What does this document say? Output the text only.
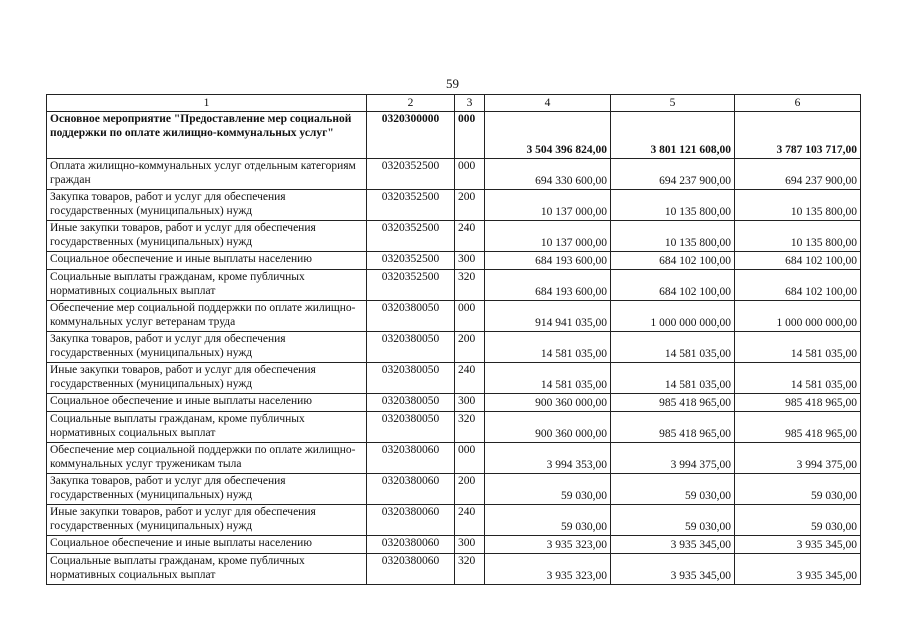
59
1	2	3	4	5	6
Основное мероприятие "Предоставление мер социальной поддержки по оплате жилищно-коммунальных услуг"	0320300000	000	3 504 396 824,00	3 801 121 608,00	3 787 103 717,00
Оплата жилищно-коммунальных услуг отдельным категориям граждан	0320352500	000	694 330 600,00	694 237 900,00	694 237 900,00
Закупка товаров, работ и услуг для обеспечения государственных (муниципальных) нужд	0320352500	200	10 137 000,00	10 135 800,00	10 135 800,00
Иные закупки товаров, работ и услуг для обеспечения государственных (муниципальных) нужд	0320352500	240	10 137 000,00	10 135 800,00	10 135 800,00
Социальное обеспечение и иные выплаты населению	0320352500	300	684 193 600,00	684 102 100,00	684 102 100,00
Социальные выплаты гражданам, кроме публичных нормативных социальных выплат	0320352500	320	684 193 600,00	684 102 100,00	684 102 100,00
Обеспечение мер социальной поддержки по оплате жилищно-коммунальных услуг ветеранам труда	0320380050	000	914 941 035,00	1 000 000 000,00	1 000 000 000,00
Закупка товаров, работ и услуг для обеспечения государственных (муниципальных) нужд	0320380050	200	14 581 035,00	14 581 035,00	14 581 035,00
Иные закупки товаров, работ и услуг для обеспечения государственных (муниципальных) нужд	0320380050	240	14 581 035,00	14 581 035,00	14 581 035,00
Социальное обеспечение и иные выплаты населению	0320380050	300	900 360 000,00	985 418 965,00	985 418 965,00
Социальные выплаты гражданам, кроме публичных нормативных социальных выплат	0320380050	320	900 360 000,00	985 418 965,00	985 418 965,00
Обеспечение мер социальной поддержки по оплате жилищно-коммунальных услуг труженикам тыла	0320380060	000	3 994 353,00	3 994 375,00	3 994 375,00
Закупка товаров, работ и услуг для обеспечения государственных (муниципальных) нужд	0320380060	200	59 030,00	59 030,00	59 030,00
Иные закупки товаров, работ и услуг для обеспечения государственных (муниципальных) нужд	0320380060	240	59 030,00	59 030,00	59 030,00
Социальное обеспечение и иные выплаты населению	0320380060	300	3 935 323,00	3 935 345,00	3 935 345,00
Социальные выплаты гражданам, кроме публичных нормативных социальных выплат	0320380060	320	3 935 323,00	3 935 345,00	3 935 345,00
